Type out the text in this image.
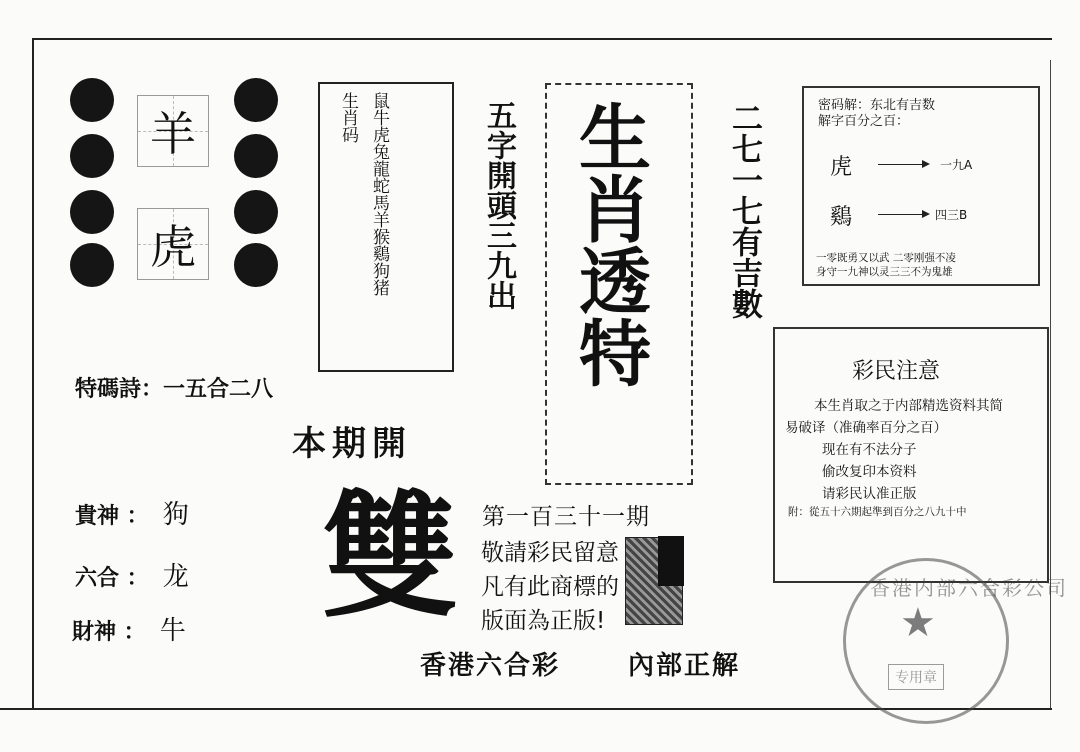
羊
虎
生肖码 鼠牛虎兔龍蛇馬羊猴鷄狗猪	五字開頭三九出 生肖透特 二七一七有吉數	密码解：东北有吉数
解字百分之百：
虎	一九A
鷄	四三B
一零既勇又以武 二零刚强不凌
身守一九神以灵三三不为鬼雄
彩民注意
本生肖取之于内部精选资料其简
易破译（准确率百分之百）
现在有不法分子
偷改复印本资料
请彩民认准正版
附：從五十六期起準到百分之八九十中
香港内部六合彩公司
★
专用章
特碼詩：一五合二八
本期開
貴神 ： 狗
六合 ： 龙
財神 ： 牛 雙 第一百三十一期
敬請彩民留意
凡有此商標的
版面為正版!
香港六合彩	內部正解
